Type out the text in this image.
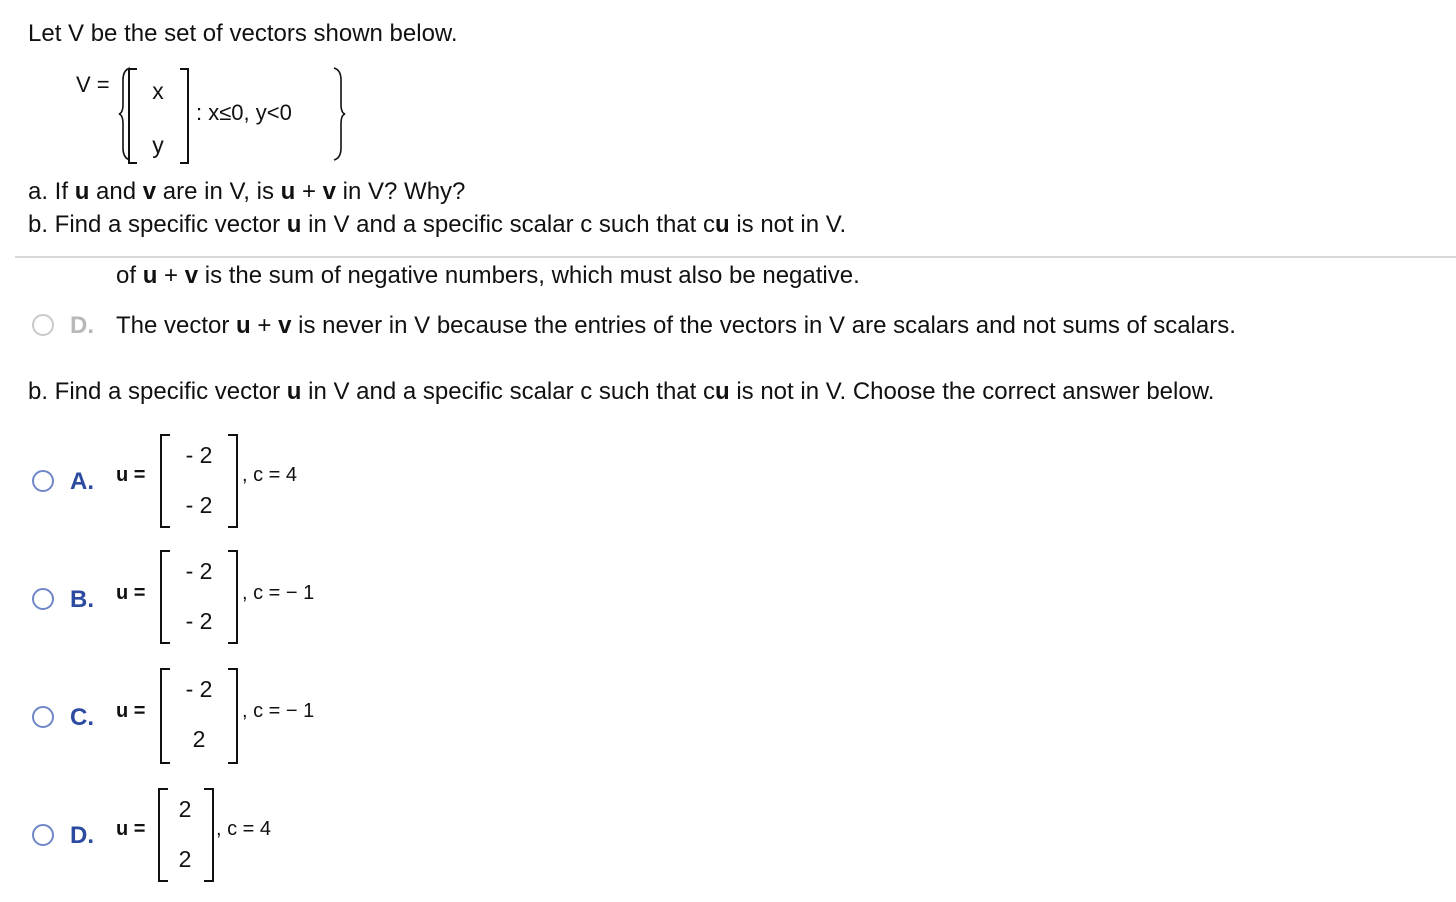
Let V be the set of vectors shown below.
V =	x
y
: x≤0, y<0
a. If u and v are in V, is u + v in V? Why?
b. Find a specific vector u in V and a specific scalar c such that cu is not in V.
of u + v is the sum of negative numbers, which must also be negative.
D. The vector u + v is never in V because the entries of the vectors in V are scalars and not sums of scalars.
b. Find a specific vector u in V and a specific scalar c such that cu is not in V. Choose the correct answer below.
A. u =
- 2
- 2
, c = 4
B. u =
- 2
- 2
, c = − 1
C. u =
- 2
2
, c = − 1
D. u =
2
2
, c = 4
